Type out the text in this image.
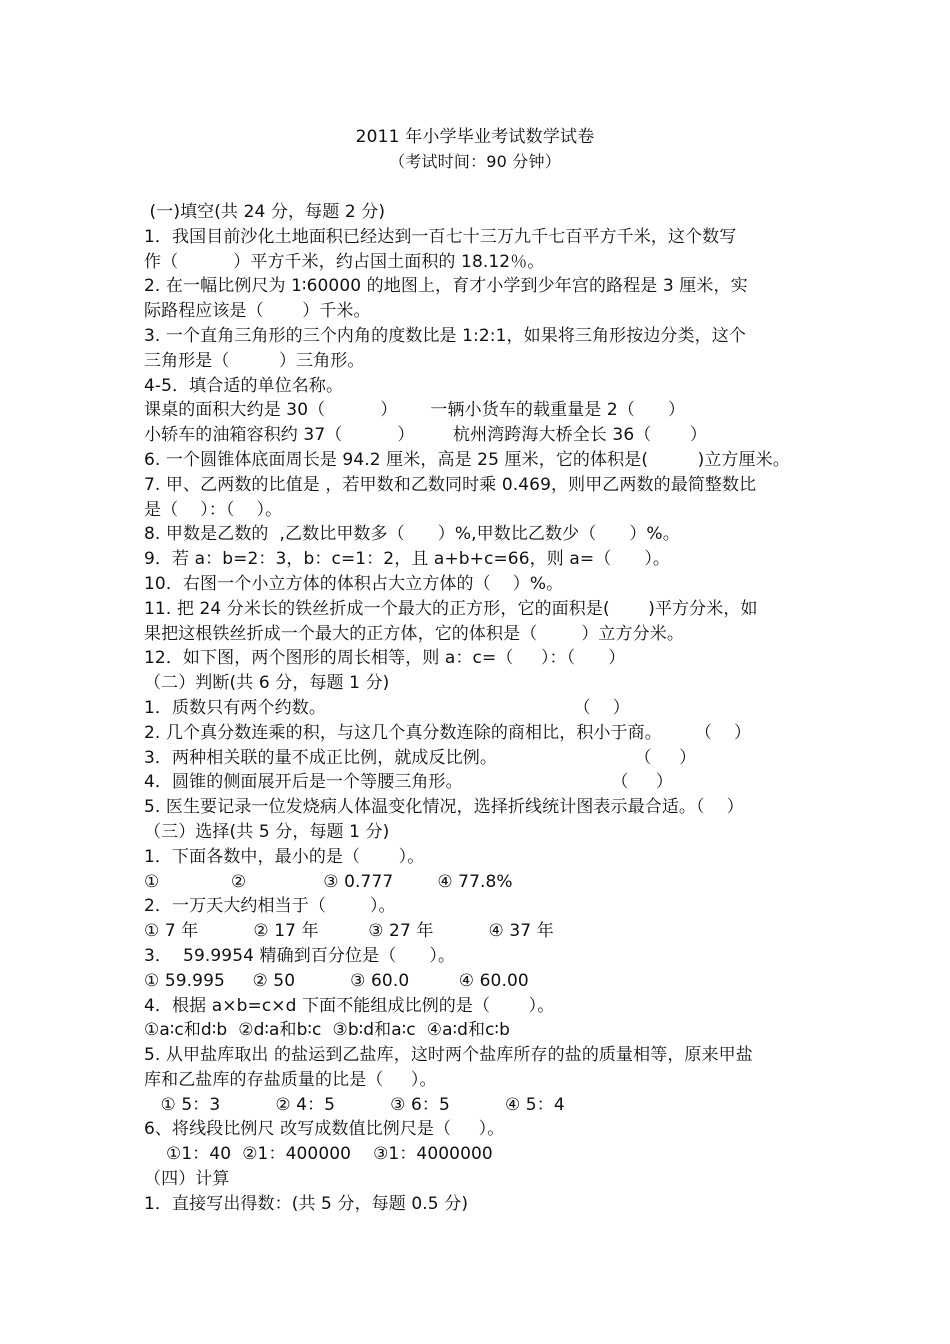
2011 年小学毕业考试数学试卷
（考试时间：90 分钟）
(一)填空(共 24 分，每题 2 分)
1．我国目前沙化土地面积已经达到一百七十三万九千七百平方千米，这个数写
作（          ）平方千米，约占国土面积的 18.12％。
2. 在一幅比例尺为 1∶60000 的地图上，育才小学到少年宫的路程是 3 厘米，实
际路程应该是（       ）千米。
3. 一个直角三角形的三个内角的度数比是 1:2:1，如果将三角形按边分类，这个
三角形是（         ）三角形。
4-5．填合适的单位名称。
课桌的面积大约是 30（          ）      一辆小货车的载重量是 2（      ）
小轿车的油箱容积约 37（          ）       杭州湾跨海大桥全长 36（       ）
6. 一个圆锥体底面周长是 94.2 厘米，高是 25 厘米，它的体积是(         )立方厘米。
7. 甲、乙两数的比值是 ，若甲数和乙数同时乘 0.469，则甲乙两数的最简整数比
是（    ）：（    ）。
8. 甲数是乙数的  ,乙数比甲数多（      ）%,甲数比乙数少（      ）%。
9．若 a：b=2：3，b：c=1：2，且 a+b+c=66，则 a=（      ）。
10．右图一个小立方体的体积占大立方体的（    ）%。
11. 把 24 分米长的铁丝折成一个最大的正方形，它的面积是(       )平方分米，如
果把这根铁丝折成一个最大的正方体，它的体积是（        ）立方分米。
12．如下图，两个图形的周长相等，则 a：c=（     ）：（      ）
（二）判断(共 6 分，每题 1 分)
1．质数只有两个约数。                                             （    ）
2. 几个真分数连乘的积，与这几个真分数连除的商相比，积小于商。      （    ）
3．两种相关联的量不成正比例，就成反比例。                         （     ）
4．圆锥的侧面展开后是一个等腰三角形。                           （     ）
5. 医生要记录一位发烧病人体温变化情况，选择折线统计图表示最合适。（    ）
（三）选择(共 5 分，每题 1 分)
1．下面各数中，最小的是（       ）。
①             ②              ③ 0.777        ④ 77.8%
2．一万天大约相当于（        ）。
① 7 年          ② 17 年         ③ 27 年          ④ 37 年
3．  59.9954 精确到百分位是（      ）。
① 59.995     ② 50          ③ 60.0         ④ 60.00
4．根据 a×b=c×d 下面不能组成比例的是（       ）。
①a∶c和d∶b  ②d∶a和b∶c  ③b∶d和a∶c  ④a∶d和c∶b
5. 从甲盐库取出 的盐运到乙盐库，这时两个盐库所存的盐的质量相等，原来甲盐
库和乙盐库的存盐质量的比是（     ）。
① 5：3          ② 4：5          ③ 6：5          ④ 5：4
6、将线段比例尺 改写成数值比例尺是（     ）。
①1：40  ②1：400000    ③1：4000000
（四）计算
1．直接写出得数：(共 5 分，每题 0.5 分)
